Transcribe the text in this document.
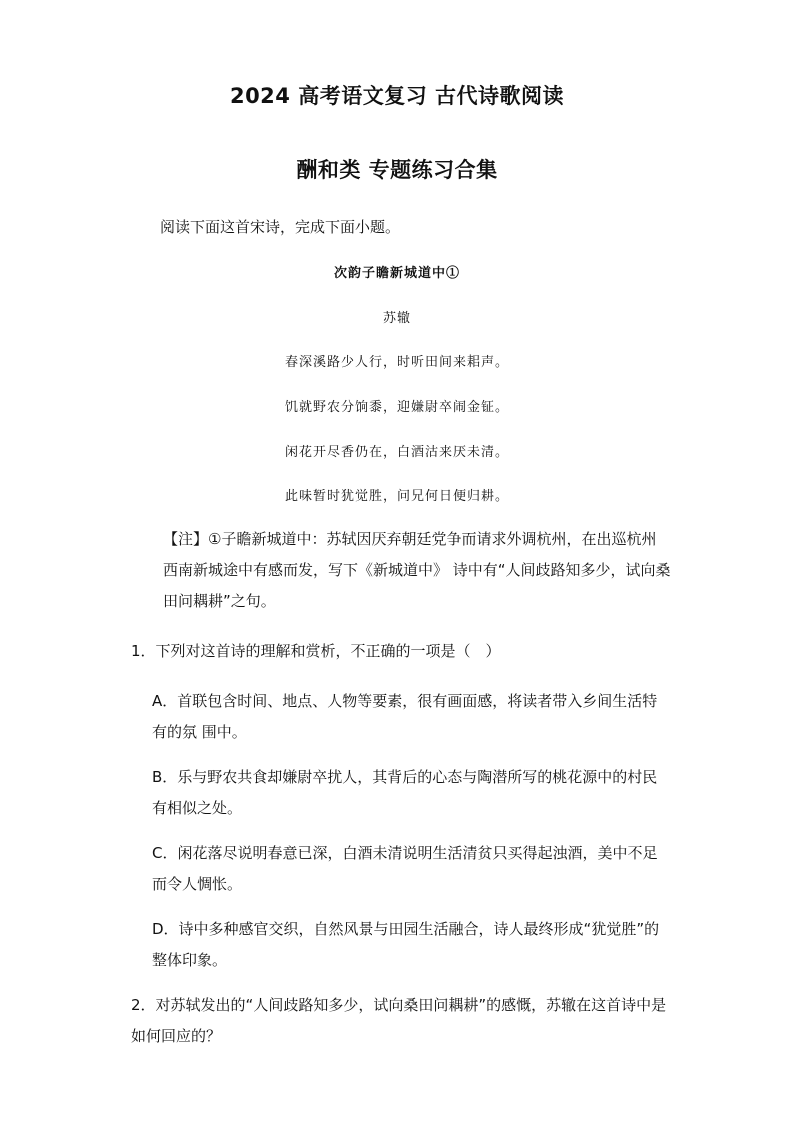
2024 高考语文复习 古代诗歌阅读
酬和类 专题练习合集
阅读下面这首宋诗，完成下面小题。
次韵子瞻新城道中①
苏辙
春深溪路少人行，时听田间来耜声。
饥就野农分饷黍，迎嫌尉卒闹金钲。
闲花开尽香仍在，白酒沽来厌未清。
此味暂时犹觉胜，问兄何日便归耕。
【注】①子瞻新城道中：苏轼因厌弃朝廷党争而请求外调杭州，在出巡杭州西南新城途中有感而发，写下《新城道中》 诗中有“人间歧路知多少，试向桑田问耦耕”之句。
1．下列对这首诗的理解和赏析，不正确的一项是（　）
A．首联包含时间、地点、人物等要素，很有画面感，将读者带入乡间生活特有的氛 围中。
B．乐与野农共食却嫌尉卒扰人，其背后的心态与陶潜所写的桃花源中的村民有相似之处。
C．闲花落尽说明春意已深，白酒未清说明生活清贫只买得起浊酒，美中不足而令人惆怅。
D．诗中多种感官交织，自然风景与田园生活融合，诗人最终形成“犹觉胜”的整体印象。
2．对苏轼发出的“人间歧路知多少，试向桑田问耦耕”的感慨，苏辙在这首诗中是如何回应的？
